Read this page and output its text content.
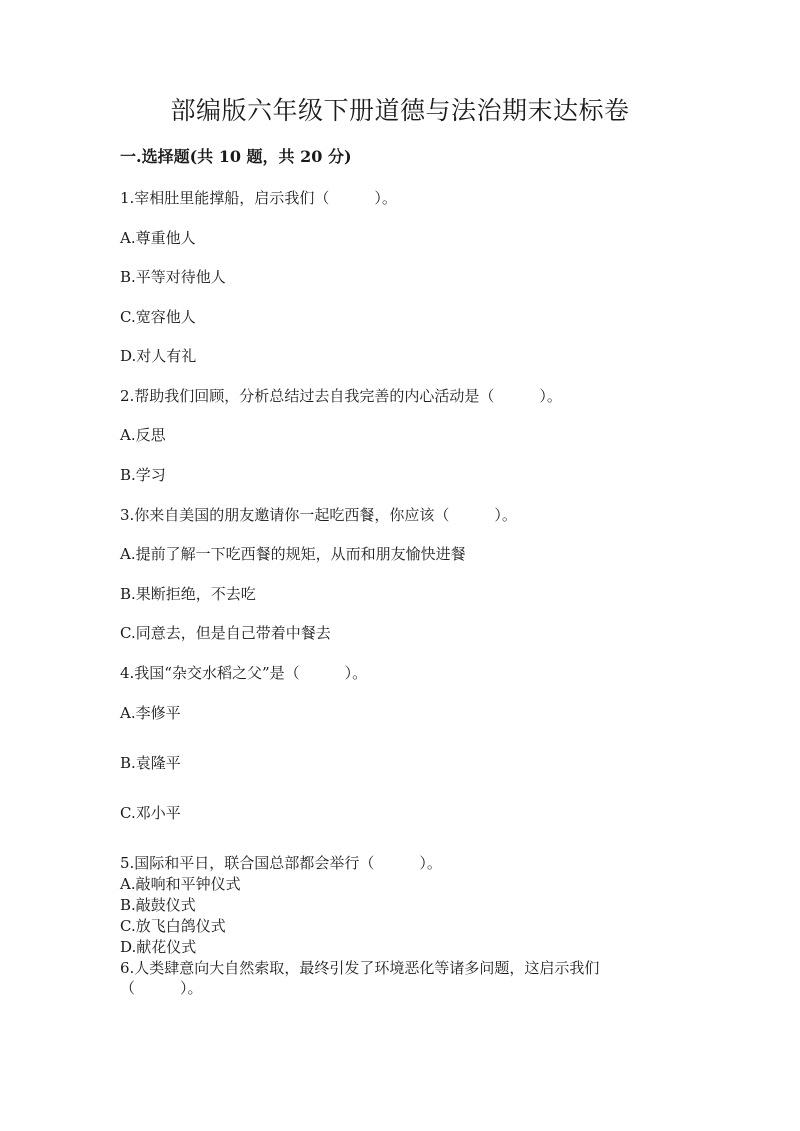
部编版六年级下册道德与法治期末达标卷

一.选择题(共 10 题，共 20 分)

1.宰相肚里能撑船，启示我们（　　　）。

A.尊重他人

B.平等对待他人

C.宽容他人

D.对人有礼

2.帮助我们回顾，分析总结过去自我完善的内心活动是（　　　）。

A.反思

B.学习

3.你来自美国的朋友邀请你一起吃西餐，你应该（　　　）。

A.提前了解一下吃西餐的规矩，从而和朋友愉快进餐

B.果断拒绝，不去吃

C.同意去，但是自己带着中餐去

4.我国“杂交水稻之父”是（　　　）。

A.李修平

B.袁隆平

C.邓小平

5.国际和平日，联合国总部都会举行（　　　）。

A.敲响和平钟仪式

B.敲鼓仪式

C.放飞白鸽仪式

D.献花仪式

6.人类肆意向大自然索取，最终引发了环境恶化等诸多问题，这启示我们（　　　）。
